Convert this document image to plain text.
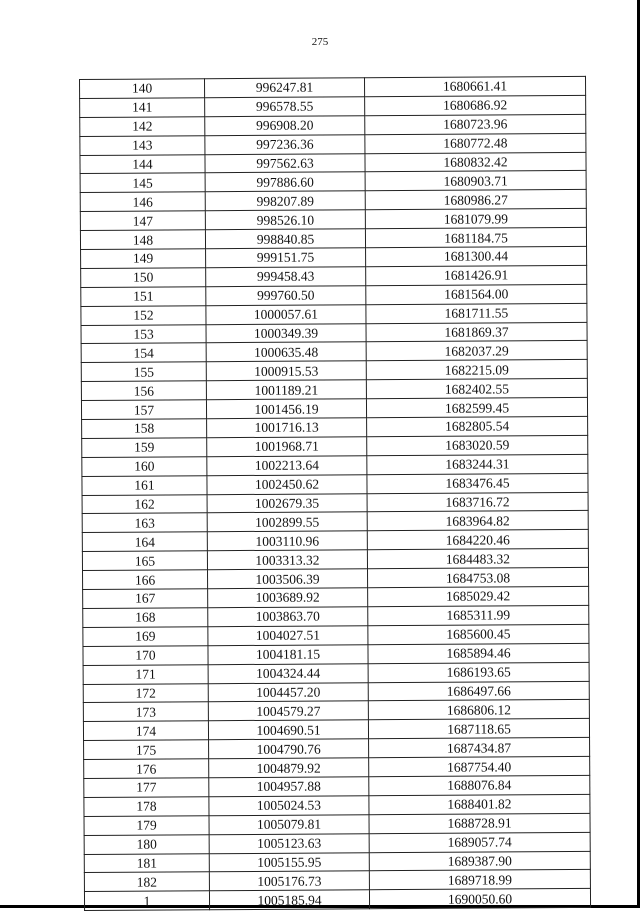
275
140	996247.81	1680661.41
141	996578.55	1680686.92
142	996908.20	1680723.96
143	997236.36	1680772.48
144	997562.63	1680832.42
145	997886.60	1680903.71
146	998207.89	1680986.27
147	998526.10	1681079.99
148	998840.85	1681184.75
149	999151.75	1681300.44
150	999458.43	1681426.91
151	999760.50	1681564.00
152	1000057.61	1681711.55
153	1000349.39	1681869.37
154	1000635.48	1682037.29
155	1000915.53	1682215.09
156	1001189.21	1682402.55
157	1001456.19	1682599.45
158	1001716.13	1682805.54
159	1001968.71	1683020.59
160	1002213.64	1683244.31
161	1002450.62	1683476.45
162	1002679.35	1683716.72
163	1002899.55	1683964.82
164	1003110.96	1684220.46
165	1003313.32	1684483.32
166	1003506.39	1684753.08
167	1003689.92	1685029.42
168	1003863.70	1685311.99
169	1004027.51	1685600.45
170	1004181.15	1685894.46
171	1004324.44	1686193.65
172	1004457.20	1686497.66
173	1004579.27	1686806.12
174	1004690.51	1687118.65
175	1004790.76	1687434.87
176	1004879.92	1687754.40
177	1004957.88	1688076.84
178	1005024.53	1688401.82
179	1005079.81	1688728.91
180	1005123.63	1689057.74
181	1005155.95	1689387.90
182	1005176.73	1689718.99
1	1005185.94	1690050.60
